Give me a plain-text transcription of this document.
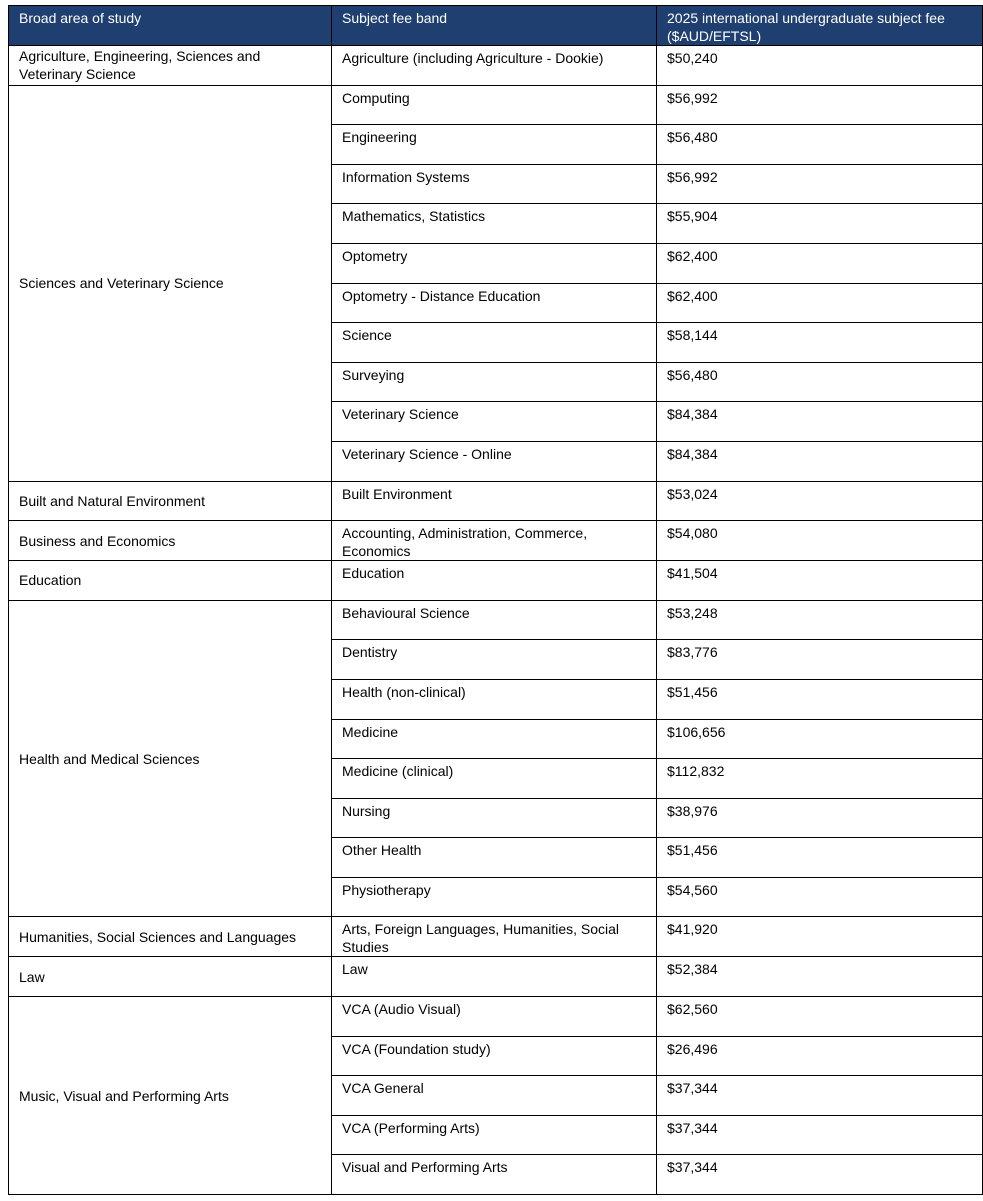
Broad area of study	Subject fee band	2025 international undergraduate subject fee ($AUD/EFTSL)
Agriculture, Engineering, Sciences and Veterinary Science	Agriculture (including Agriculture - Dookie)	$50,240
Sciences and Veterinary Science	Computing	$56,992
	Engineering	$56,480
	Information Systems	$56,992
	Mathematics, Statistics	$55,904
	Optometry	$62,400
	Optometry - Distance Education	$62,400
	Science	$58,144
	Surveying	$56,480
	Veterinary Science	$84,384
	Veterinary Science - Online	$84,384
Built and Natural Environment	Built Environment	$53,024
Business and Economics	Accounting, Administration, Commerce, Economics	$54,080
Education	Education	$41,504
Health and Medical Sciences	Behavioural Science	$53,248
	Dentistry	$83,776
	Health (non-clinical)	$51,456
	Medicine	$106,656
	Medicine (clinical)	$112,832
	Nursing	$38,976
	Other Health	$51,456
	Physiotherapy	$54,560
Humanities, Social Sciences and Languages	Arts, Foreign Languages, Humanities, Social Studies	$41,920
Law	Law	$52,384
Music, Visual and Performing Arts	VCA (Audio Visual)	$62,560
	VCA (Foundation study)	$26,496
	VCA General	$37,344
	VCA (Performing Arts)	$37,344
	Visual and Performing Arts	$37,344
